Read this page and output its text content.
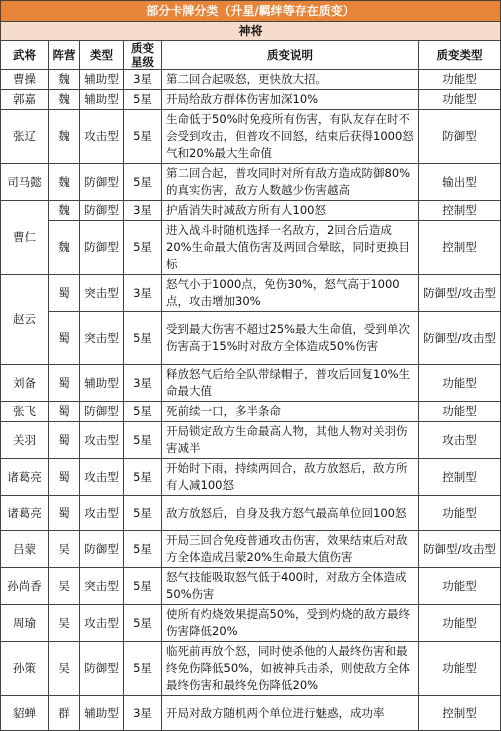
部分卡牌分类（升星/羁绊等存在质变）					
神将					
武将	阵营	类型	质变星级	质变说明	质变类型
曹操	魏	辅助型	3星	第二回合起吸怒，更快放大招。	功能型
郭嘉	魏	辅助型	5星	开局给敌方群体伤害加深10%	功能型
张辽	魏	攻击型	5星	生命低于50%时免疫所有伤害，有队友存在时不会受到攻击，但普攻不回怒，结束后获得1000怒气和20%最大生命值	防御型
司马懿	魏	防御型	5星	第二回合起，普攻同时对所有敌方造成防御80%的真实伤害，敌方人数越少伤害越高	输出型
曹仁	魏	防御型	3星	护盾消失时减敌方所有人100怒	控制型
	魏	防御型	5星	进入战斗时随机选择一名敌方，2回合后造成20%生命最大值伤害及两回合晕眩，同时更换目标	控制型
赵云	蜀	突击型	3星	怒气小于1000点，免伤30%，怒气高于1000点，攻击增加30%	防御型/攻击型
	蜀	突击型	5星	受到最大伤害不超过25%最大生命值，受到单次伤害高于15%时对敌方全体造成50%伤害	防御型/攻击型
刘备	蜀	辅助型	3星	释放怒气后给全队带绿帽子，普攻后回复10%生命最大值	功能型
张飞	蜀	防御型	5星	死前续一口，多半条命	功能型
关羽	蜀	攻击型	5星	开局锁定敌方生命最高人物，其他人物对关羽伤害减半	攻击型
诸葛亮	蜀	攻击型	5星	开始时下雨，持续两回合，敌方放怒后，敌方所有人减100怒	控制型
诸葛亮	蜀	攻击型	5星	敌方放怒后，自身及我方怒气最高单位回100怒	功能型
吕蒙	吴	防御型	5星	开局三回合免疫普通攻击伤害，效果结束后对敌方全体造成吕蒙20%生命最大值伤害	防御型/攻击型
孙尚香	吴	突击型	5星	怒气技能吸取怒气低于400时，对敌方全体造成50%伤害	功能型
周瑜	吴	攻击型	5星	使所有灼烧效果提高50%，受到灼烧的敌方最终伤害降低20%	功能型
孙策	吴	防御型	5星	临死前再放个怒，同时使杀他的人最终伤害和最终免伤降低50%，如被神兵击杀，则使敌方全体最终伤害和最终免伤降低20%	功能型
貂蝉	群	辅助型	3星	开局对敌方随机两个单位进行魅惑，成功率	控制型
